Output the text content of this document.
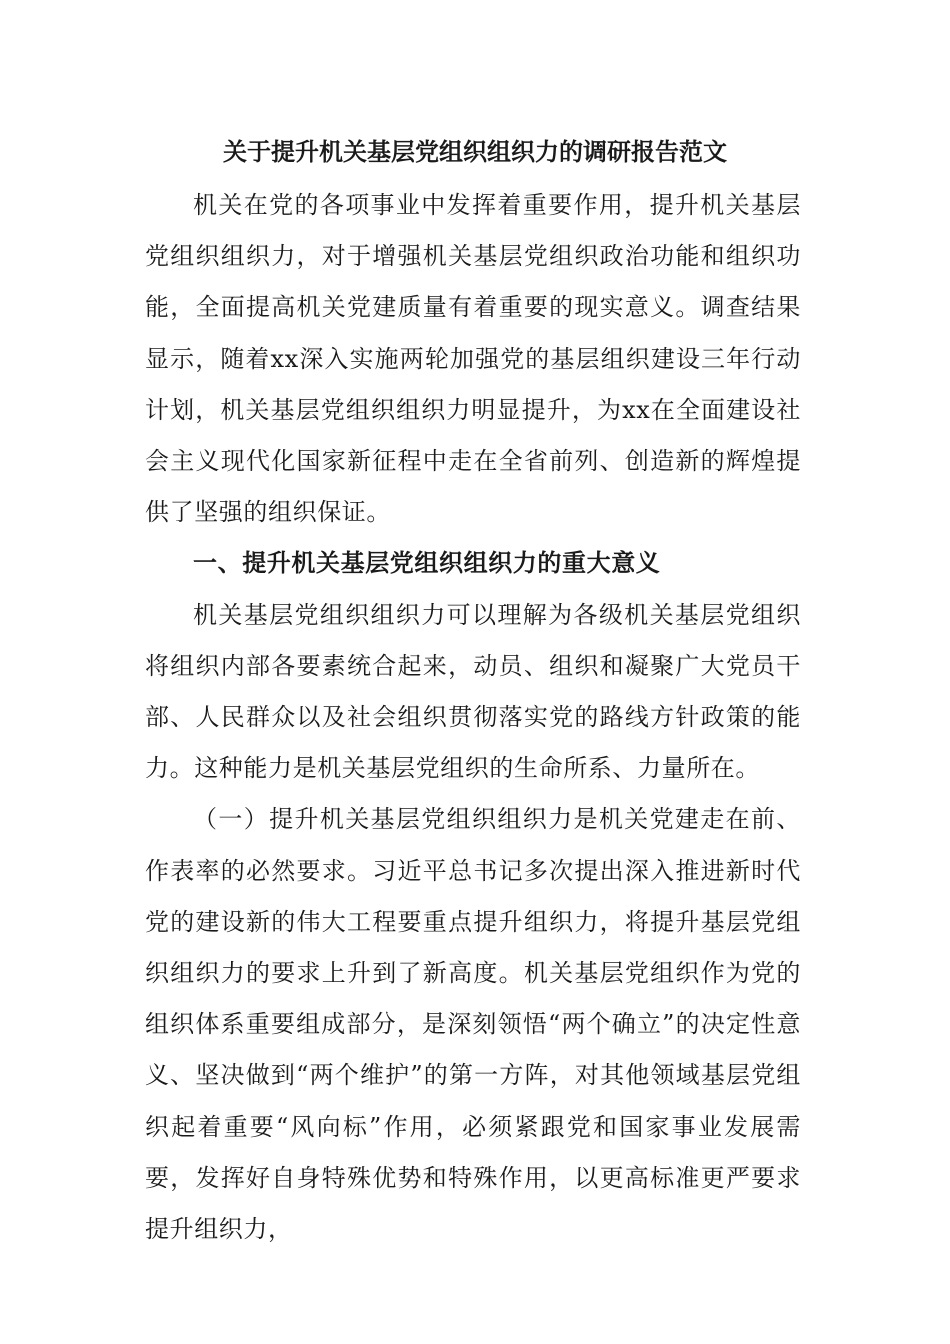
关于提升机关基层党组织组织力的调研报告范文

机关在党的各项事业中发挥着重要作用，提升机关基层党组织组织力，对于增强机关基层党组织政治功能和组织功能，全面提高机关党建质量有着重要的现实意义。调查结果显示，随着xx深入实施两轮加强党的基层组织建设三年行动计划，机关基层党组织组织力明显提升，为xx在全面建设社会主义现代化国家新征程中走在全省前列、创造新的辉煌提供了坚强的组织保证。

一、提升机关基层党组织组织力的重大意义

机关基层党组织组织力可以理解为各级机关基层党组织将组织内部各要素统合起来，动员、组织和凝聚广大党员干部、人民群众以及社会组织贯彻落实党的路线方针政策的能力。这种能力是机关基层党组织的生命所系、力量所在。

（一）提升机关基层党组织组织力是机关党建走在前、作表率的必然要求。习近平总书记多次提出深入推进新时代党的建设新的伟大工程要重点提升组织力，将提升基层党组织组织力的要求上升到了新高度。机关基层党组织作为党的组织体系重要组成部分，是深刻领悟“两个确立”的决定性意义、坚决做到“两个维护”的第一方阵，对其他领域基层党组织起着重要“风向标”作用，必须紧跟党和国家事业发展需要，发挥好自身特殊优势和特殊作用，以更高标准更严要求提升组织力，
